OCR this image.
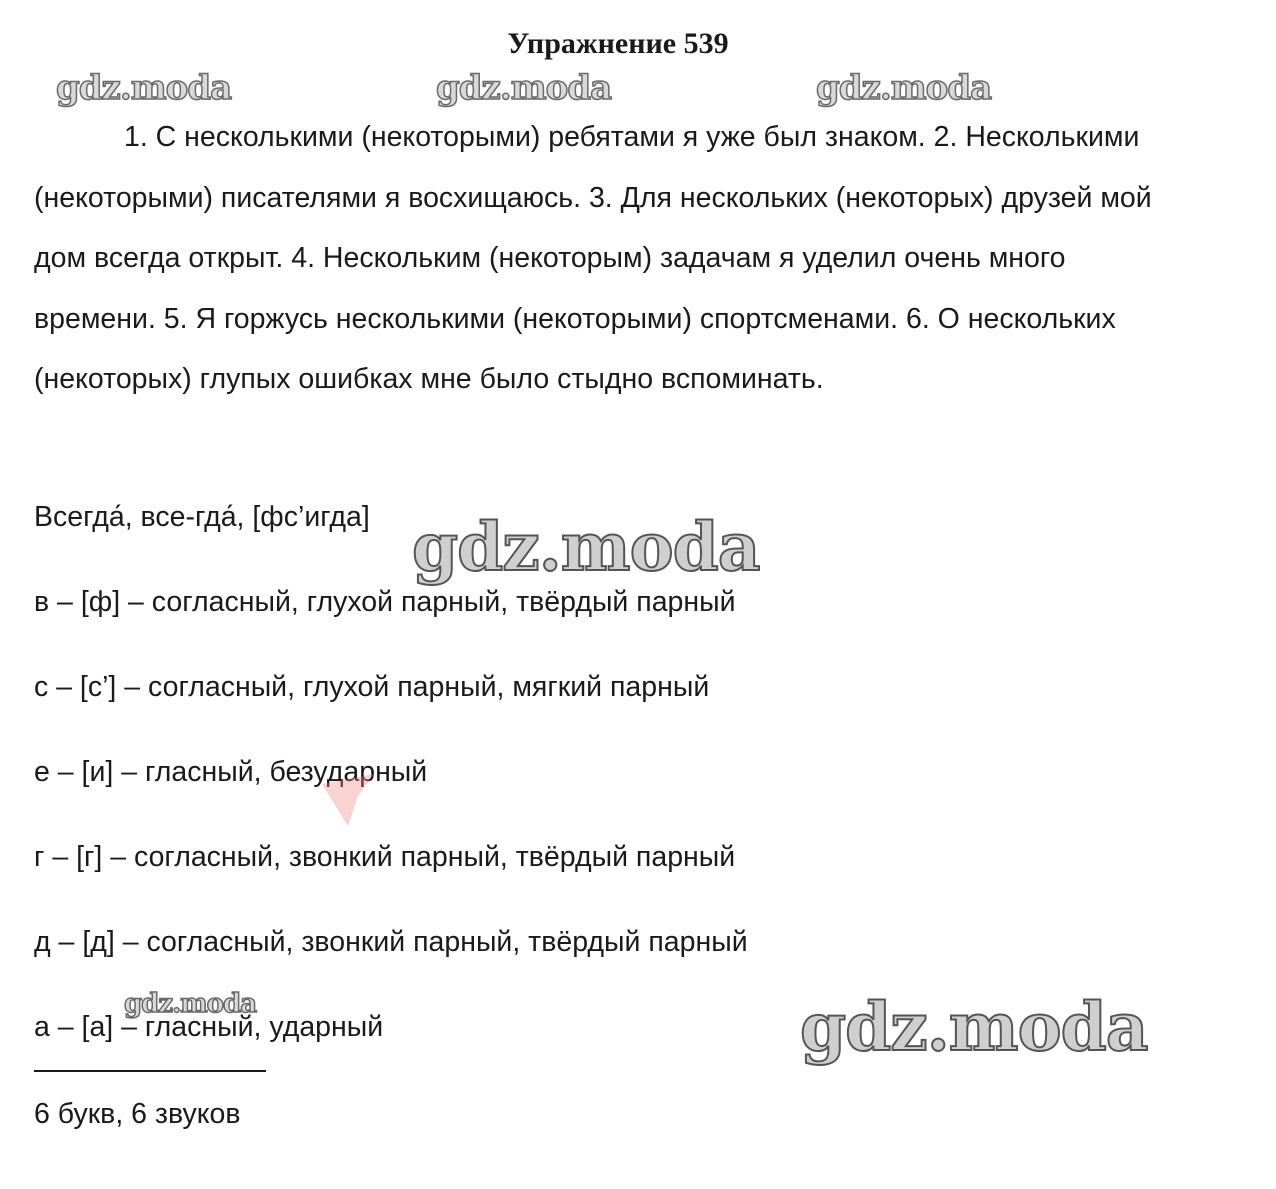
Упражнение 539

1. С несколькими (некоторыми) ребятами я уже был знаком. 2. Несколькими (некоторыми) писателями я восхищаюсь. 3. Для нескольких (некоторых) друзей мой дом всегда открыт. 4. Нескольким (некоторым) задачам я уделил очень много времени. 5. Я горжусь несколькими (некоторыми) спортсменами. 6. О нескольких (некоторых) глупых ошибках мне было стыдно вспоминать.

Всегда́, все-гда́, [фс’игда]
в – [ф] – согласный, глухой парный, твёрдый парный
с – [с’] – согласный, глухой парный, мягкий парный
е – [и] – гласный, безударный
г – [г] – согласный, звонкий парный, твёрдый парный
д – [д] – согласный, звонкий парный, твёрдый парный
а – [а] – гласный, ударный
6 букв, 6 звуков
gdz.moda	gdz.moda	gdz.moda
gdz.moda
gdz.moda
gdz.moda
